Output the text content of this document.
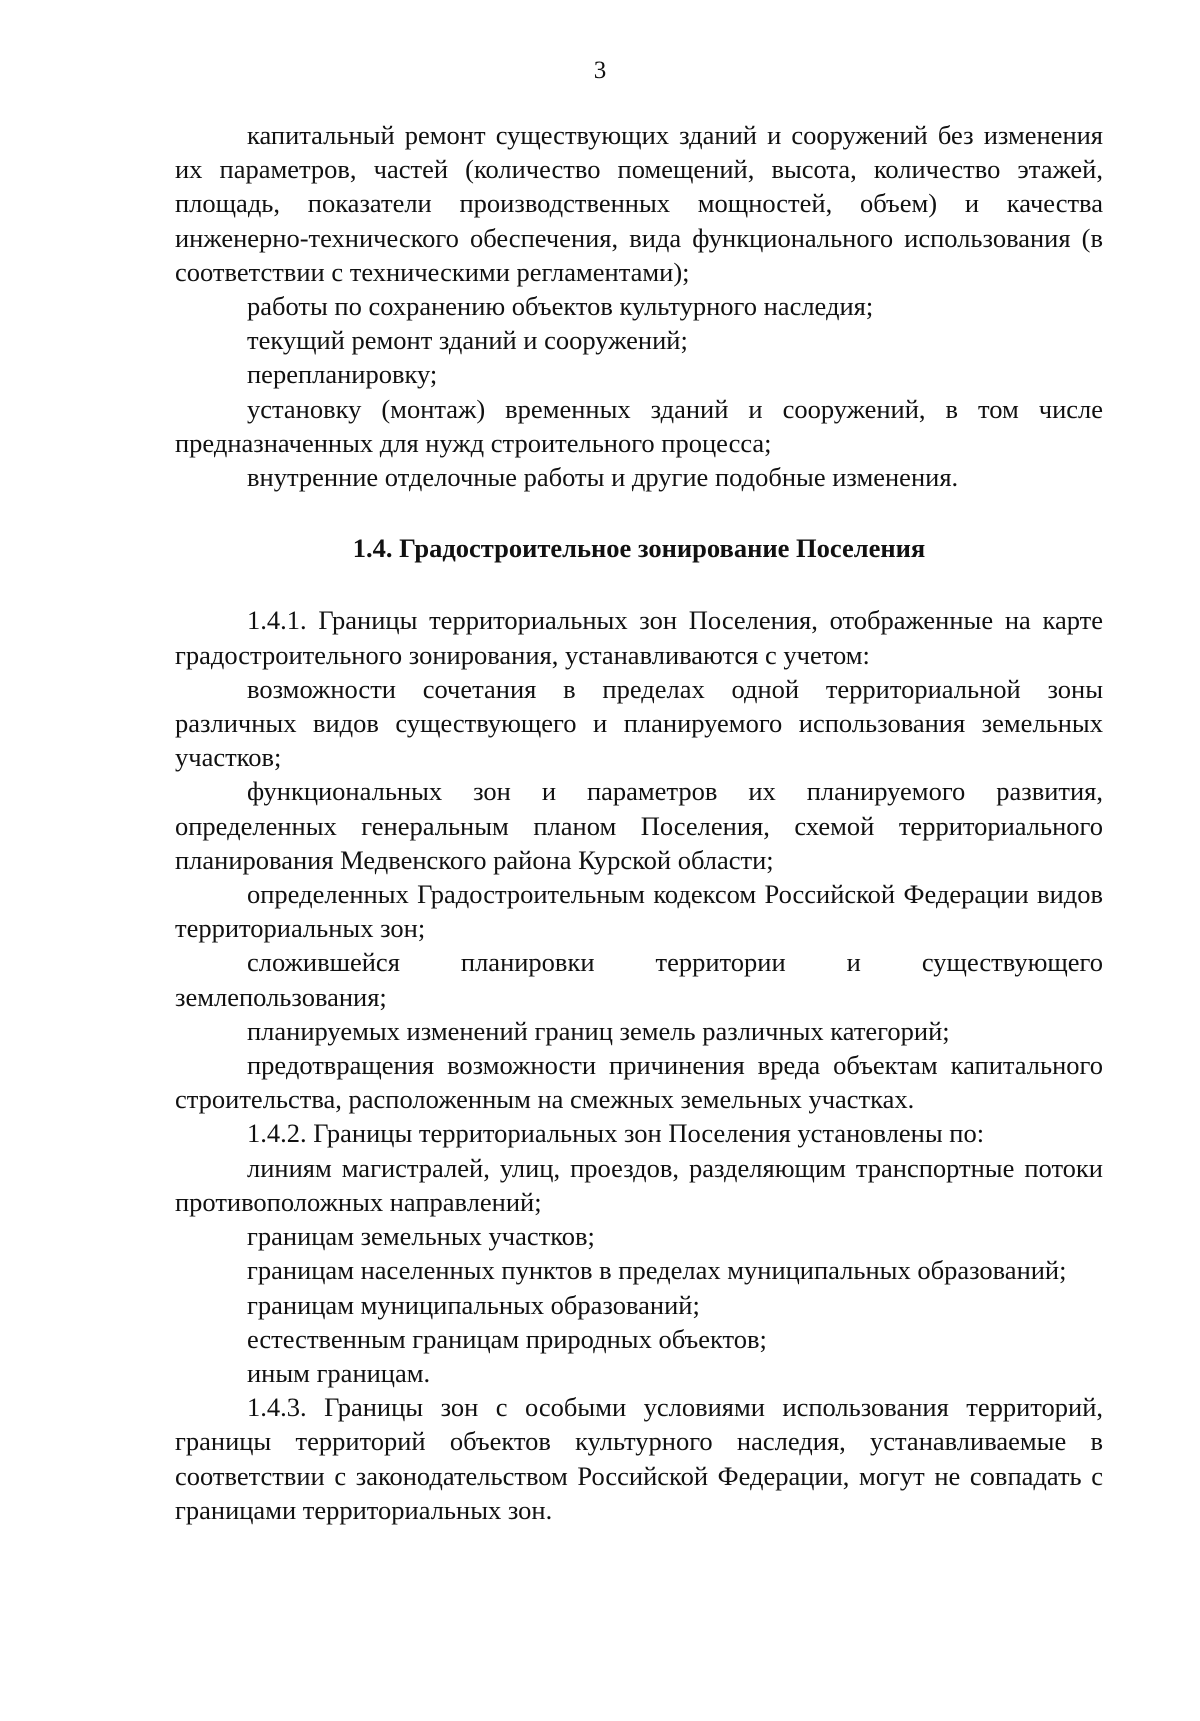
3

капитальный ремонт существующих зданий и сооружений без изменения их параметров, частей (количество помещений, высота, количество этажей, площадь, показатели производственных мощностей, объем) и качества инженерно-технического обеспечения, вида функционального использования (в соответствии с техническими регламентами);

работы по сохранению объектов культурного наследия;

текущий ремонт зданий и сооружений;

перепланировку;

установку (монтаж) временных зданий и сооружений, в том числе предназначенных для нужд строительного процесса;

внутренние отделочные работы и другие подобные изменения.

1.4. Градостроительное зонирование Поселения

1.4.1. Границы территориальных зон Поселения, отображенные на карте градостроительного зонирования, устанавливаются с учетом:

возможности сочетания в пределах одной территориальной зоны различных видов существующего и планируемого использования земельных участков;

функциональных зон и параметров их планируемого развития, определенных генеральным планом Поселения, схемой территориального планирования Медвенского района Курской области;

определенных Градостроительным кодексом Российской Федерации видов территориальных зон;

сложившейся планировки территории и существующего землепользования;

планируемых изменений границ земель различных категорий;

предотвращения возможности причинения вреда объектам капитального строительства, расположенным на смежных земельных участках.

1.4.2. Границы территориальных зон Поселения установлены по:

линиям магистралей, улиц, проездов, разделяющим транспортные потоки противоположных направлений;

границам земельных участков;

границам населенных пунктов в пределах муниципальных образований;

границам муниципальных образований;

естественным границам природных объектов;

иным границам.

1.4.3. Границы зон с особыми условиями использования территорий, границы территорий объектов культурного наследия, устанавливаемые в соответствии с законодательством Российской Федерации, могут не совпадать с границами территориальных зон.
